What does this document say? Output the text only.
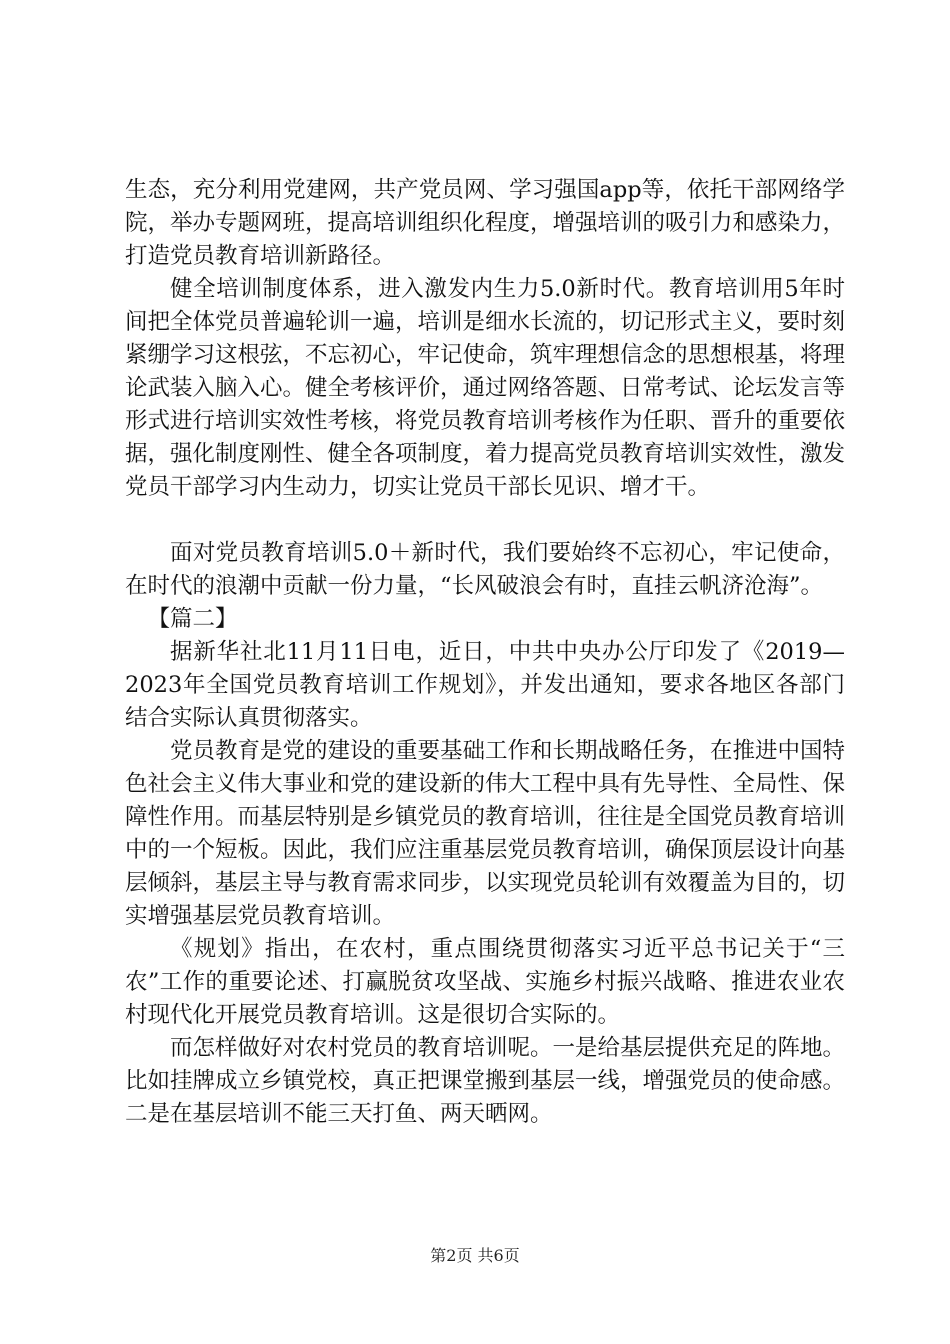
生态，充分利用党建网，共产党员网、学习强国app等，依托干部网络学院，举办专题网班，提高培训组织化程度，增强培训的吸引力和感染力，打造党员教育培训新路径。

健全培训制度体系，进入激发内生力5.0新时代。教育培训用5年时间把全体党员普遍轮训一遍，培训是细水长流的，切记形式主义，要时刻紧绷学习这根弦，不忘初心，牢记使命，筑牢理想信念的思想根基，将理论武装入脑入心。健全考核评价，通过网络答题、日常考试、论坛发言等形式进行培训实效性考核，将党员教育培训考核作为任职、晋升的重要依据，强化制度刚性、健全各项制度，着力提高党员教育培训实效性，激发党员干部学习内生动力，切实让党员干部长见识、增才干。

面对党员教育培训5.0＋新时代，我们要始终不忘初心，牢记使命，在时代的浪潮中贡献一份力量，“长风破浪会有时，直挂云帆济沧海”。

【篇二】

据新华社北11月11日电，近日，中共中央办公厅印发了《2019—2023年全国党员教育培训工作规划》，并发出通知，要求各地区各部门结合实际认真贯彻落实。

党员教育是党的建设的重要基础工作和长期战略任务，在推进中国特色社会主义伟大事业和党的建设新的伟大工程中具有先导性、全局性、保障性作用。而基层特别是乡镇党员的教育培训，往往是全国党员教育培训中的一个短板。因此，我们应注重基层党员教育培训，确保顶层设计向基层倾斜，基层主导与教育需求同步，以实现党员轮训有效覆盖为目的，切实增强基层党员教育培训。

《规划》指出，在农村，重点围绕贯彻落实习近平总书记关于“三农”工作的重要论述、打赢脱贫攻坚战、实施乡村振兴战略、推进农业农村现代化开展党员教育培训。这是很切合实际的。

而怎样做好对农村党员的教育培训呢。一是给基层提供充足的阵地。比如挂牌成立乡镇党校，真正把课堂搬到基层一线，增强党员的使命感。二是在基层培训不能三天打鱼、两天晒网。

第2页 共6页
